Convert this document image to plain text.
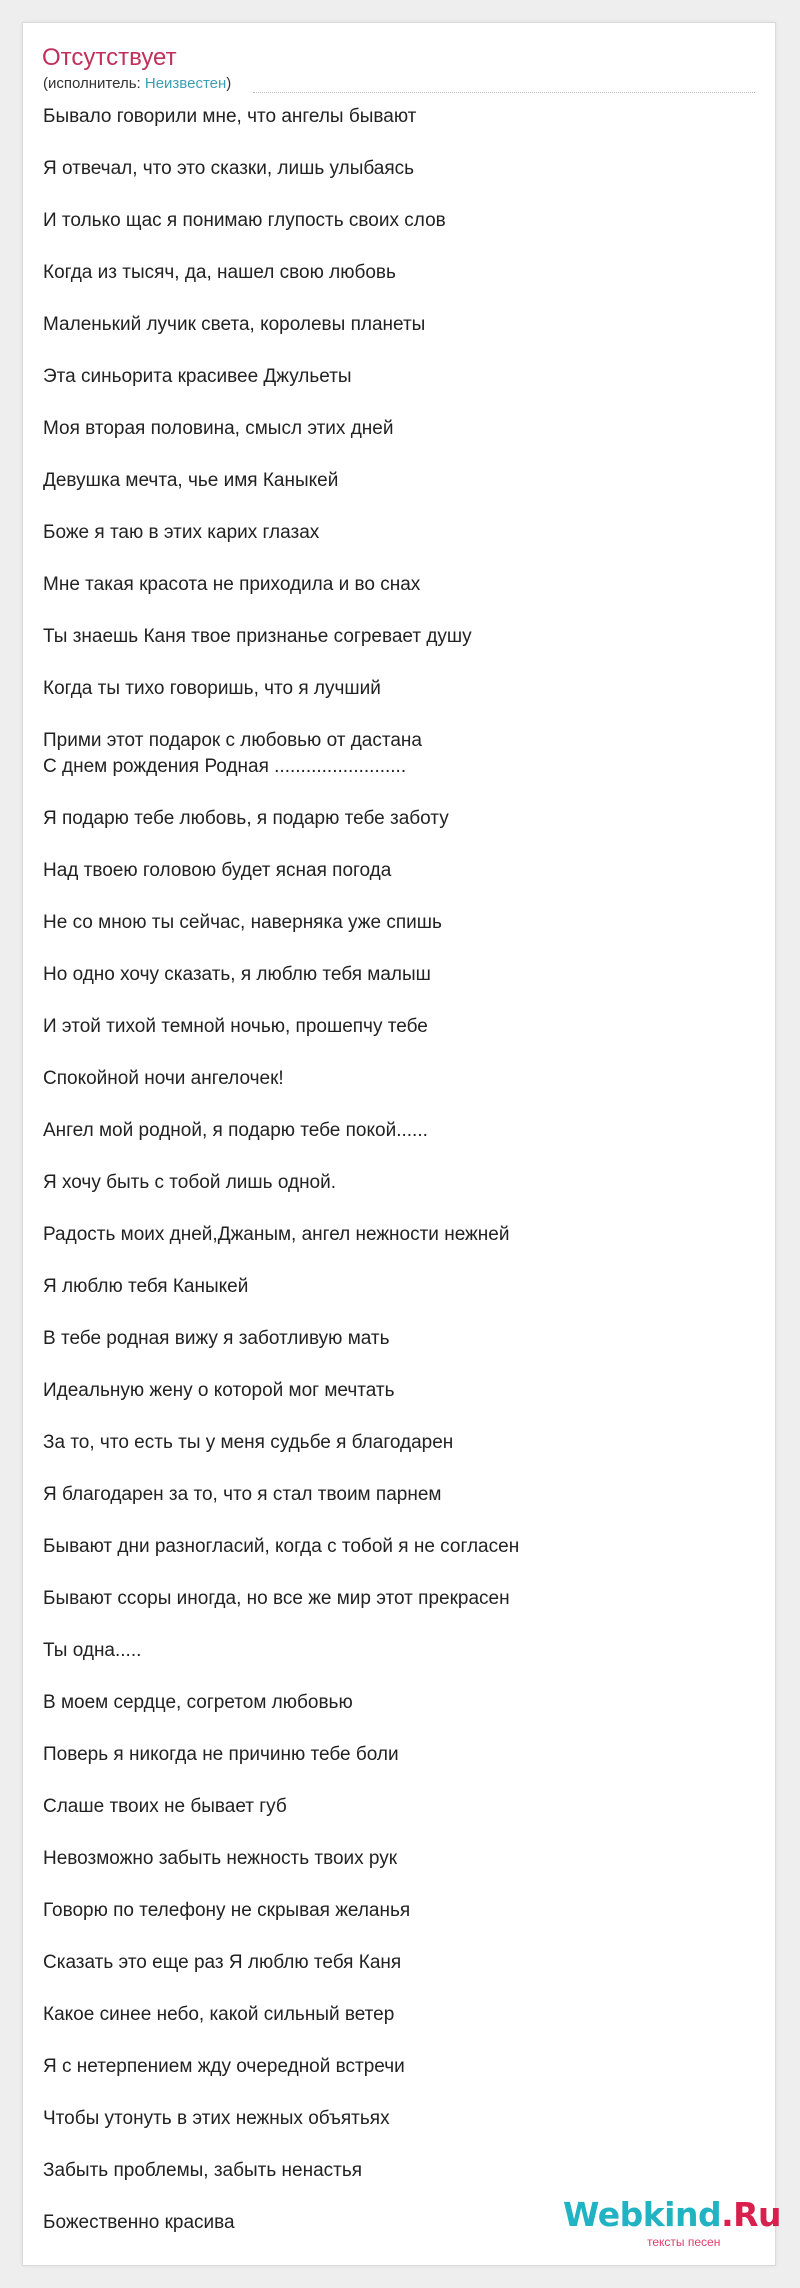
Отсутствует
(исполнитель: Неизвестен)
Бывало говорили мне, что ангелы бывают
Я отвечал, что это сказки, лишь улыбаясь
И только щас я понимаю глупость своих слов
Когда из тысяч, да, нашел свою любовь
Маленький лучик света, королевы планеты
Эта синьорита красивее Джульеты
Моя вторая половина, смысл этих дней
Девушка мечта, чье имя Каныкей
Боже я таю в этих карих глазах
Мне такая красота не приходила и во снах
Ты знаешь Каня твое признанье согревает душу
Когда ты тихо говоришь, что я лучший
Прими этот подарок с любовью от дастана
С днем рождения Родная .........................
Я подарю тебе любовь, я подарю тебе заботу
Над твоею головою будет ясная погода
Не со мною ты сейчас, наверняка уже спишь
Но одно хочу сказать, я люблю тебя малыш
И этой тихой темной ночью, прошепчу тебе
Спокойной ночи ангелочек!
Ангел мой родной, я подарю тебе покой......
Я хочу быть с тобой лишь одной.
Радость моих дней,Джаным, ангел нежности нежней
Я люблю тебя Каныкей
В тебе родная вижу я заботливую мать
Идеальную жену о которой мог мечтать
За то, что есть ты у меня судьбе я благодарен
Я благодарен за то, что я стал твоим парнем
Бывают дни разногласий, когда с тобой я не согласен
Бывают ссоры иногда, но все же мир этот прекрасен
Ты одна.....
В моем сердце, согретом любовью
Поверь я никогда не причиню тебе боли
Слаше твоих не бывает губ
Невозможно забыть нежность твоих рук
Говорю по телефону не скрывая желанья
Сказать это еще раз Я люблю тебя Каня
Какое синее небо, какой сильный ветер
Я с нетерпением жду очередной встречи
Чтобы утонуть в этих нежных объятьях
Забыть проблемы, забыть ненастья
Божественно красива	Webkind.Ru
тексты песен
